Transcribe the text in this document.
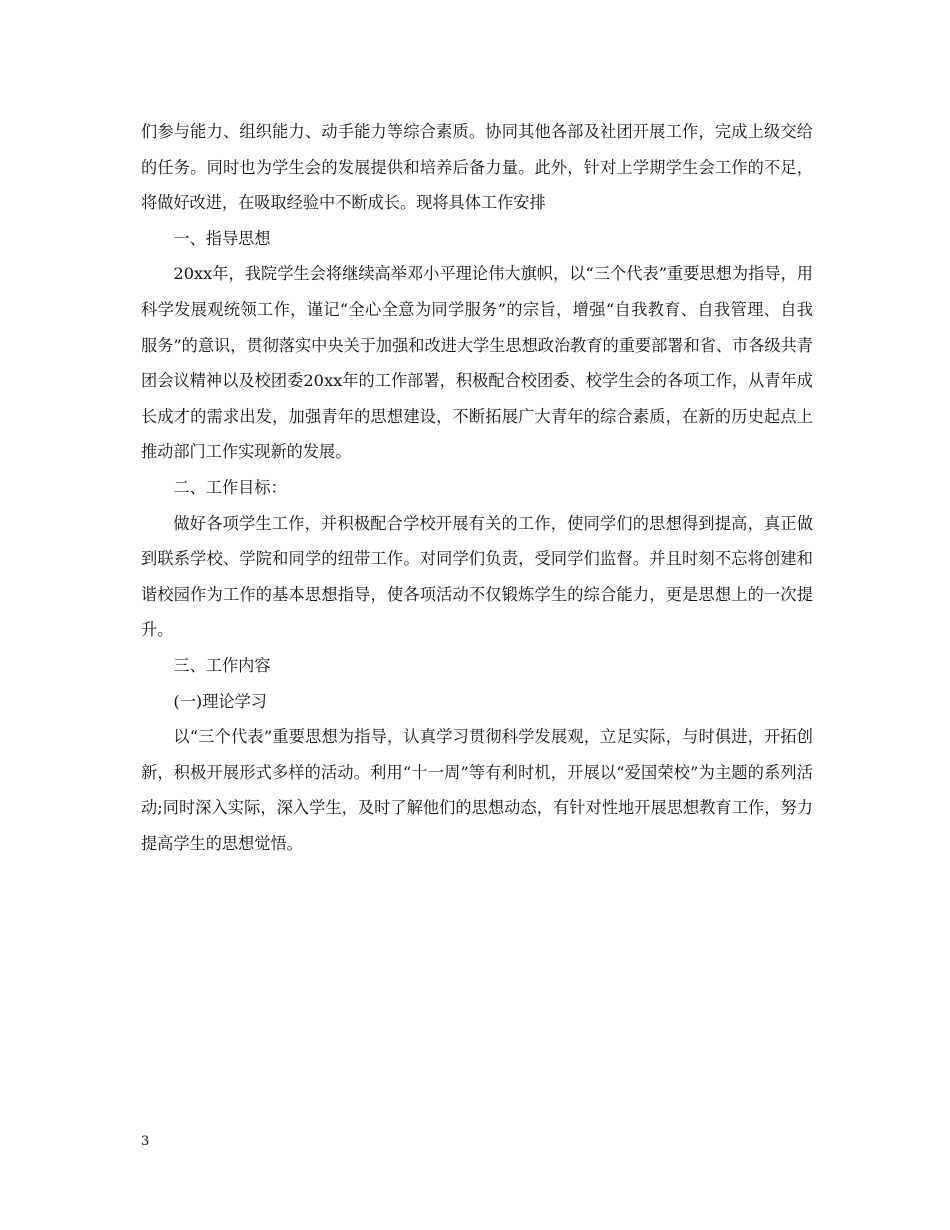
们参与能力、组织能力、动手能力等综合素质。协同其他各部及社团开展工作，完成上级交给的任务。同时也为学生会的发展提供和培养后备力量。此外，针对上学期学生会工作的不足，将做好改进，在吸取经验中不断成长。现将具体工作安排

一、指导思想

20xx年，我院学生会将继续高举邓小平理论伟大旗帜，以“三个代表”重要思想为指导，用科学发展观统领工作，谨记“全心全意为同学服务”的宗旨，增强“自我教育、自我管理、自我服务”的意识，贯彻落实中央关于加强和改进大学生思想政治教育的重要部署和省、市各级共青团会议精神以及校团委20xx年的工作部署，积极配合校团委、校学生会的各项工作，从青年成长成才的需求出发，加强青年的思想建设，不断拓展广大青年的综合素质，在新的历史起点上推动部门工作实现新的发展。

二、工作目标：

做好各项学生工作，并积极配合学校开展有关的工作，使同学们的思想得到提高，真正做到联系学校、学院和同学的纽带工作。对同学们负责，受同学们监督。并且时刻不忘将创建和谐校园作为工作的基本思想指导，使各项活动不仅锻炼学生的综合能力，更是思想上的一次提升。

三、工作内容

(一)理论学习

以“三个代表”重要思想为指导，认真学习贯彻科学发展观，立足实际，与时俱进，开拓创新，积极开展形式多样的活动。利用“十一周”等有利时机，开展以“爱国荣校”为主题的系列活动;同时深入实际，深入学生，及时了解他们的思想动态，有针对性地开展思想教育工作，努力提高学生的思想觉悟。

3
